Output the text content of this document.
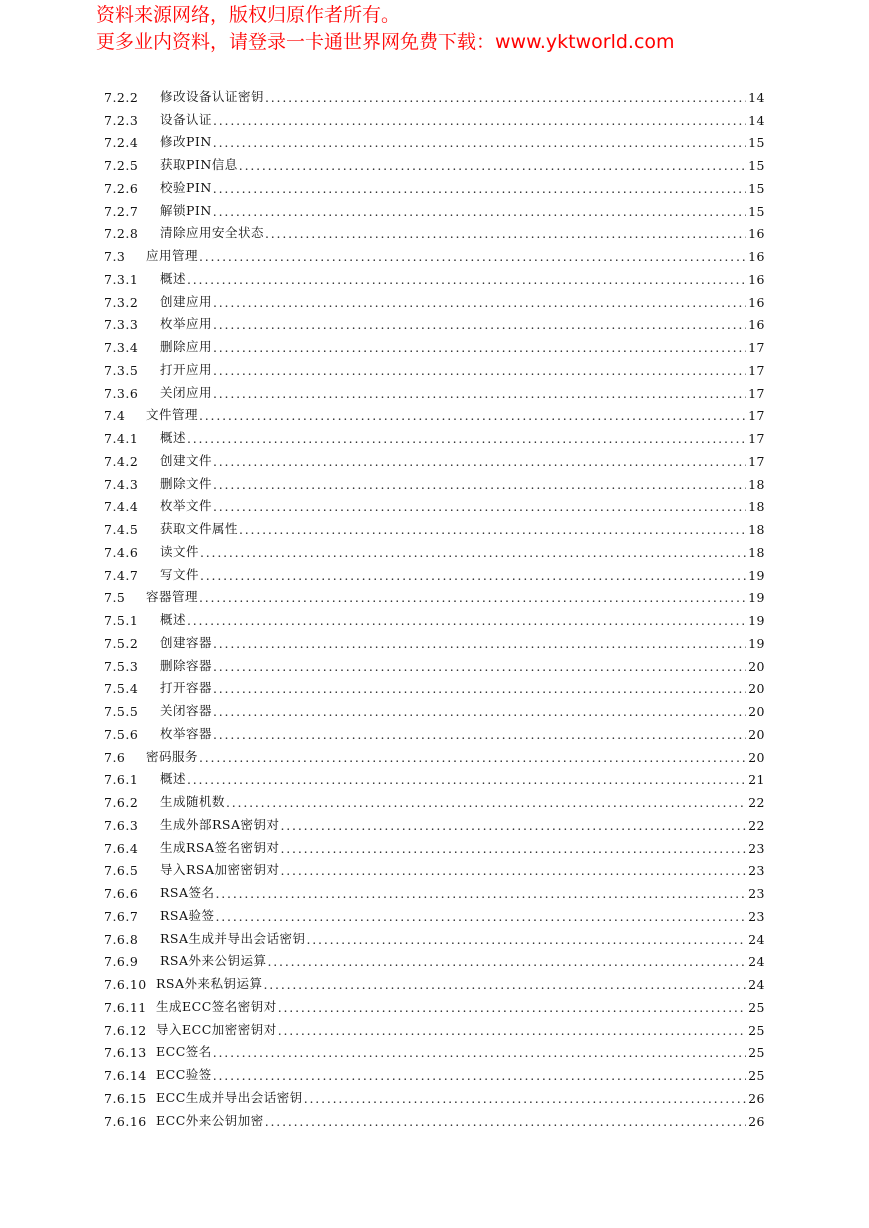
资料来源网络，版权归原作者所有。
更多业内资料，请登录一卡通世界网免费下载：www.yktworld.com
7.2.2	修改设备认证密钥 .....	14
7.2.3	设备认证 .....	14
7.2.4	修改PIN .....	15
7.2.5	获取PIN信息 .....	15
7.2.6	校验PIN .....	15
7.2.7	解锁PIN .....	15
7.2.8	清除应用安全状态 .....	16
7.3	应用管理 .....	16
7.3.1	概述 .....	16
7.3.2	创建应用 .....	16
7.3.3	枚举应用 .....	16
7.3.4	删除应用 .....	17
7.3.5	打开应用 .....	17
7.3.6	关闭应用 .....	17
7.4	文件管理 .....	17
7.4.1	概述 .....	17
7.4.2	创建文件 .....	17
7.4.3	删除文件 .....	18
7.4.4	枚举文件 .....	18
7.4.5	获取文件属性 .....	18
7.4.6	读文件 .....	18
7.4.7	写文件 .....	19
7.5	容器管理 .....	19
7.5.1	概述 .....	19
7.5.2	创建容器 .....	19
7.5.3	删除容器 .....	20
7.5.4	打开容器 .....	20
7.5.5	关闭容器 .....	20
7.5.6	枚举容器 .....	20
7.6	密码服务 .....	20
7.6.1	概述 .....	21
7.6.2	生成随机数 .....	22
7.6.3	生成外部RSA密钥对 .....	22
7.6.4	生成RSA签名密钥对 .....	23
7.6.5	导入RSA加密密钥对 .....	23
7.6.6	RSA签名 .....	23
7.6.7	RSA验签 .....	23
7.6.8	RSA生成并导出会话密钥 .....	24
7.6.9	RSA外来公钥运算 .....	24
7.6.10 RSA外来私钥运算 .....	24
7.6.11 生成ECC签名密钥对 .....	25
7.6.12 导入ECC加密密钥对 .....	25
7.6.13 ECC签名 .....	25
7.6.14 ECC验签 .....	25
7.6.15 ECC生成并导出会话密钥 .....	26
7.6.16 ECC外来公钥加密 .....	26
